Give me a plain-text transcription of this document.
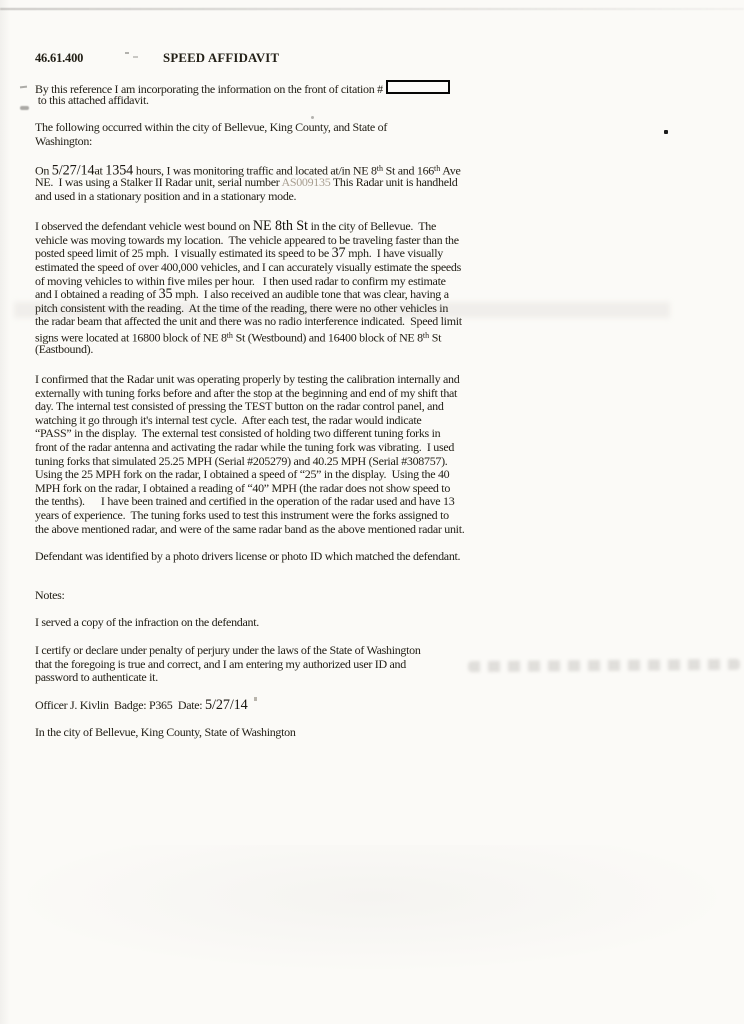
46.61.400	SPEED AFFIDAVIT
By this reference I am incorporating the information on the front of citation #
to this attached affidavit.
The following occurred within the city of Bellevue, King County, and State of
Washington:
On 5/27/14at 1354 hours, I was monitoring traffic and located at/in NE 8th St and 166th Ave
NE.  I was using a Stalker II Radar unit, serial number AS009135 This Radar unit is handheld
and used in a stationary position and in a stationary mode.
I observed the defendant vehicle west bound on NE 8th St in the city of Bellevue.  The
vehicle was moving towards my location.  The vehicle appeared to be traveling faster than the
posted speed limit of 25 mph.  I visually estimated its speed to be 37 mph.  I have visually
estimated the speed of over 400,000 vehicles, and I can accurately visually estimate the speeds
of moving vehicles to within five miles per hour.   I then used radar to confirm my estimate
and I obtained a reading of 35 mph.  I also received an audible tone that was clear, having a
pitch consistent with the reading.  At the time of the reading, there were no other vehicles in
the radar beam that affected the unit and there was no radio interference indicated.  Speed limit
signs were located at 16800 block of NE 8th St (Westbound) and 16400 block of NE 8th St
(Eastbound).
I confirmed that the Radar unit was operating properly by testing the calibration internally and
externally with tuning forks before and after the stop at the beginning and end of my shift that
day. The internal test consisted of pressing the TEST button on the radar control panel, and
watching it go through it's internal test cycle.  After each test, the radar would indicate
“PASS” in the display.  The external test consisted of holding two different tuning forks in
front of the radar antenna and activating the radar while the tuning fork was vibrating.  I used
tuning forks that simulated 25.25 MPH (Serial #205279) and 40.25 MPH (Serial #308757).
Using the 25 MPH fork on the radar, I obtained a speed of “25” in the display.  Using the 40
MPH fork on the radar, I obtained a reading of “40” MPH (the radar does not show speed to
the tenths).      I have been trained and certified in the operation of the radar used and have 13
years of experience.  The tuning forks used to test this instrument were the forks assigned to
the above mentioned radar, and were of the same radar band as the above mentioned radar unit.
Defendant was identified by a photo drivers license or photo ID which matched the defendant.
Notes:
I served a copy of the infraction on the defendant.
I certify or declare under penalty of perjury under the laws of the State of Washington
that the foregoing is true and correct, and I am entering my authorized user ID and
password to authenticate it.
Officer J. Kivlin  Badge: P365  Date: 5/27/14
In the city of Bellevue, King County, State of Washington
